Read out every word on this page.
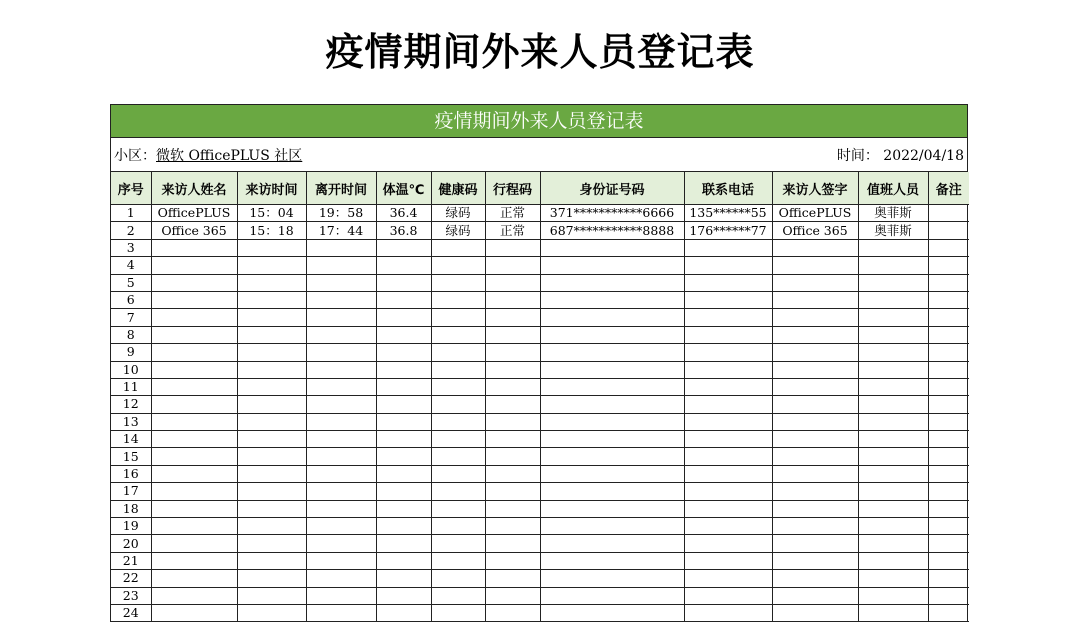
疫情期间外来人员登记表
疫情期间外来人员登记表
小区： 微软 OfficePLUS 社区	时间： 2022/04/18
序号	来访人姓名	来访时间	离开时间	体温℃	健康码	行程码	身份证号码	联系电话	来访人签字	值班人员	备注
1	OfficePLUS	15：04	19：58	36.4	绿码	正常	371***********6666	135******55	OfficePLUS	奥菲斯	
2	Office 365	15：18	17：44	36.8	绿码	正常	687***********8888	176******77	Office 365	奥菲斯	
3											
4											
5											
6											
7											
8											
9											
10											
11											
12											
13											
14											
15											
16											
17											
18											
19											
20											
21											
22											
23											
24											
